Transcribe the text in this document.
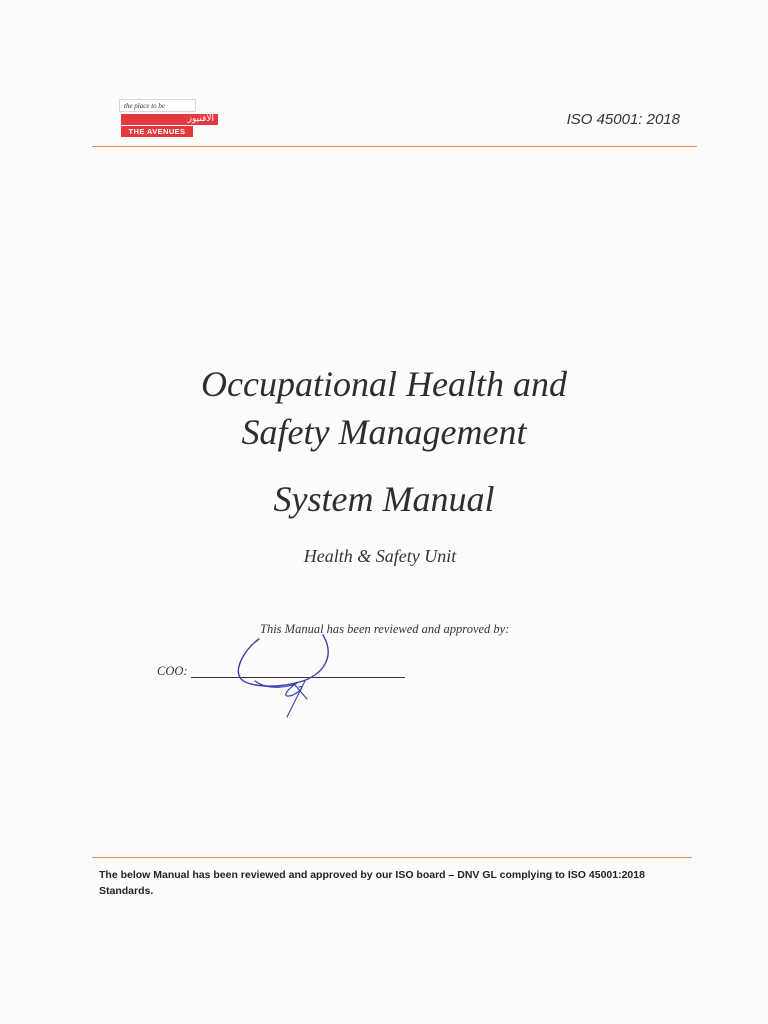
the place to be
الأفنيوز
THE AVENUES
ISO 45001: 2018
Occupational Health and
Safety Management
System Manual
Health & Safety Unit
This Manual has been reviewed and approved by:
COO:
The below Manual has been reviewed and approved by our ISO board – DNV GL complying to ISO 45001:2018 Standards.
